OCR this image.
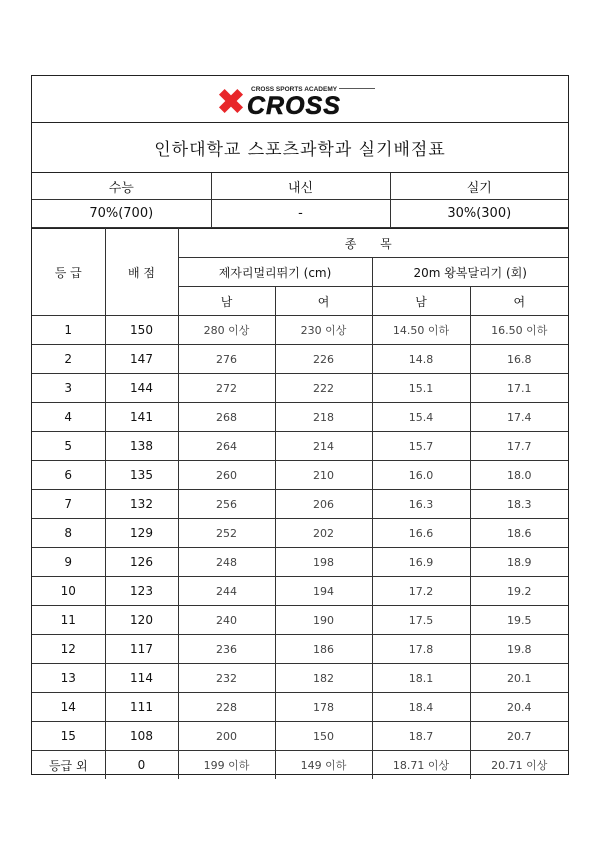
CROSS SPORTS ACADEMY
CROSS
인하대학교 스포츠과학과 실기배점표
수능	내신	실기
70%(700)	-	30%(300)
등 급	배 점	종 목			
		제자리멀리뛰기 (cm)		20m 왕복달리기 (회)	
		남	여	남	여
1	150	280 이상	230 이상	14.50 이하	16.50 이하
2	147	276	226	14.8	16.8
3	144	272	222	15.1	17.1
4	141	268	218	15.4	17.4
5	138	264	214	15.7	17.7
6	135	260	210	16.0	18.0
7	132	256	206	16.3	18.3
8	129	252	202	16.6	18.6
9	126	248	198	16.9	18.9
10	123	244	194	17.2	19.2
11	120	240	190	17.5	19.5
12	117	236	186	17.8	19.8
13	114	232	182	18.1	20.1
14	111	228	178	18.4	20.4
15	108	200	150	18.7	20.7
등급 외	0	199 이하	149 이하	18.71 이상	20.71 이상
